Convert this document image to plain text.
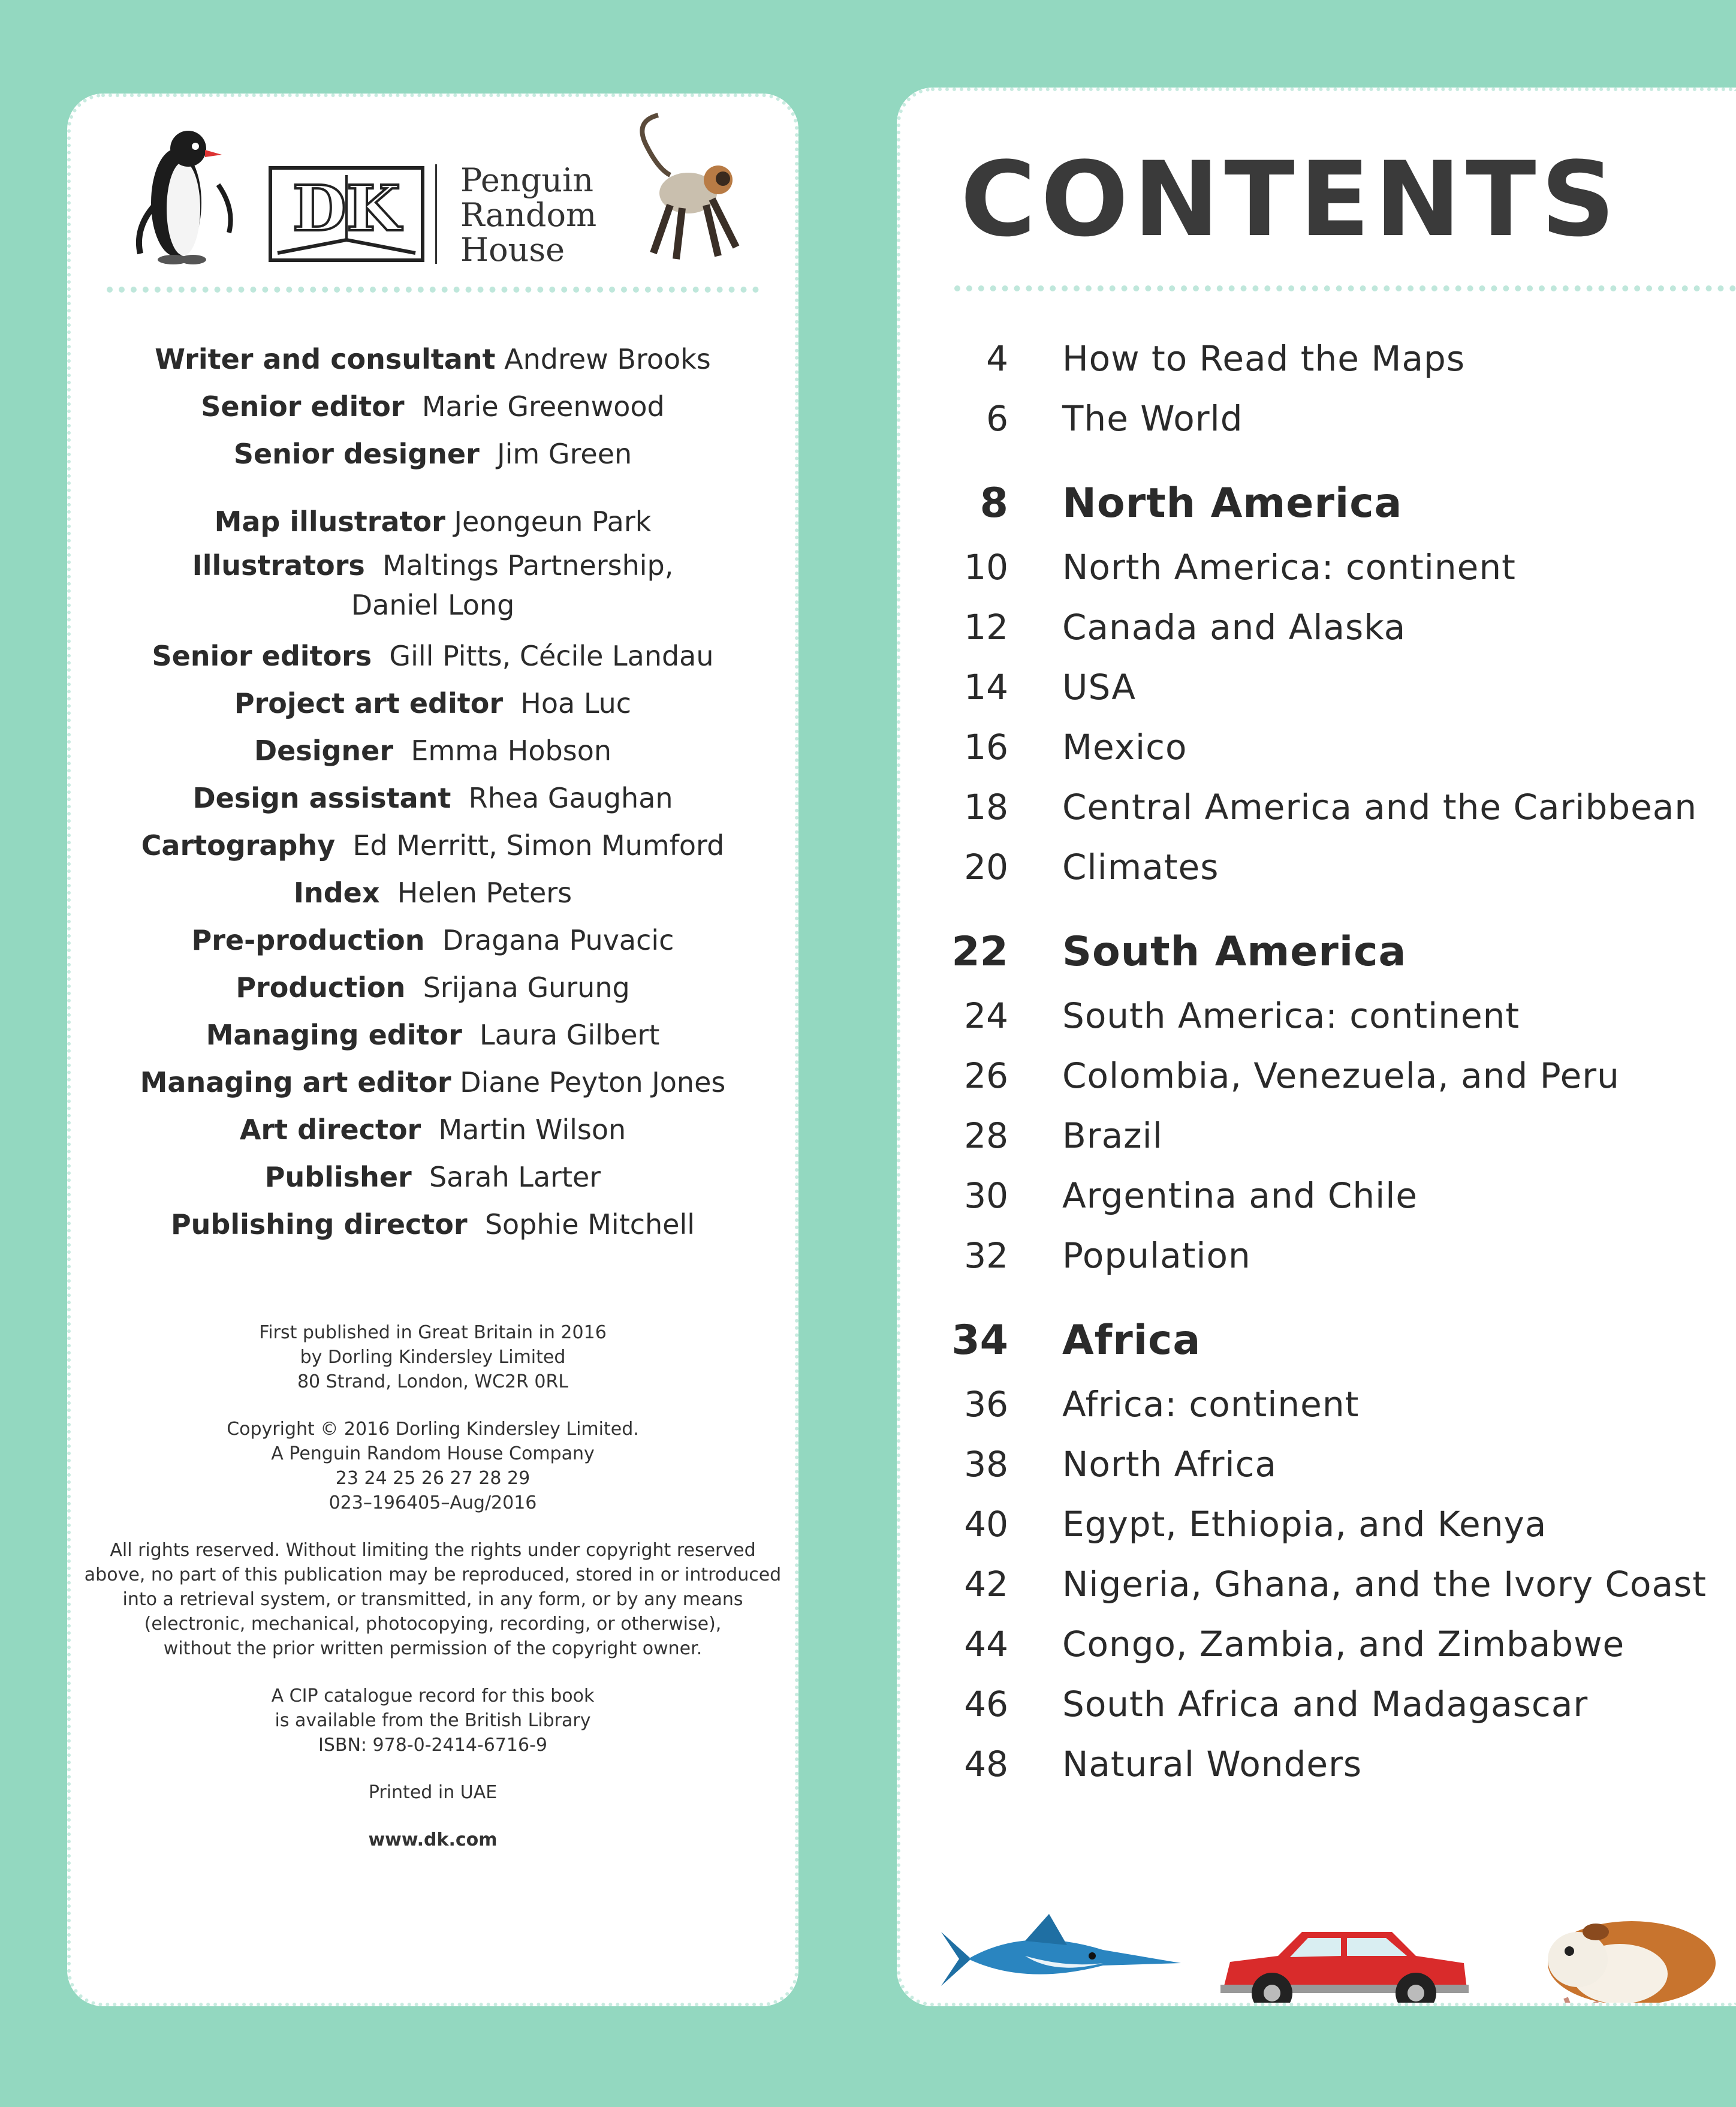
DK Penguin
Random
House
Writer and consultant Andrew Brooks
Senior editor Marie Greenwood
Senior designer Jim Green
Map illustrator Jeongeun Park
Illustrators Maltings Partnership,
Daniel Long
Senior editors Gill Pitts, Cécile Landau
Project art editor Hoa Luc
Designer Emma Hobson
Design assistant Rhea Gaughan
Cartography Ed Merritt, Simon Mumford
Index Helen Peters
Pre-production Dragana Puvacic
Production Srijana Gurung
Managing editor Laura Gilbert
Managing art editor Diane Peyton Jones
Art director Martin Wilson
Publisher Sarah Larter
Publishing director Sophie Mitchell

First published in Great Britain in 2016
by Dorling Kindersley Limited
80 Strand, London, WC2R 0RL

Copyright © 2016 Dorling Kindersley Limited.
A Penguin Random House Company
23 24 25 26 27 28 29
023–196405–Aug/2016

All rights reserved. Without limiting the rights under copyright reserved
above, no part of this publication may be reproduced, stored in or introduced
into a retrieval system, or transmitted, in any form, or by any means
(electronic, mechanical, photocopying, recording, or otherwise),
without the prior written permission of the copyright owner.

A CIP catalogue record for this book
is available from the British Library
ISBN: 978-0-2414-6716-9

Printed in UAE

www.dk.com

CONTENTS
4 How to Read the Maps
6 The World
8 North America
10 North America: continent
12 Canada and Alaska
14 USA
16 Mexico
18 Central America and the Caribbean
20 Climates
22 South America
24 South America: continent
26 Colombia, Venezuela, and Peru
28 Brazil
30 Argentina and Chile
32 Population
34 Africa
36 Africa: continent
38 North Africa
40 Egypt, Ethiopia, and Kenya
42 Nigeria, Ghana, and the Ivory Coast
44 Congo, Zambia, and Zimbabwe
46 South Africa and Madagascar
48 Natural Wonders
